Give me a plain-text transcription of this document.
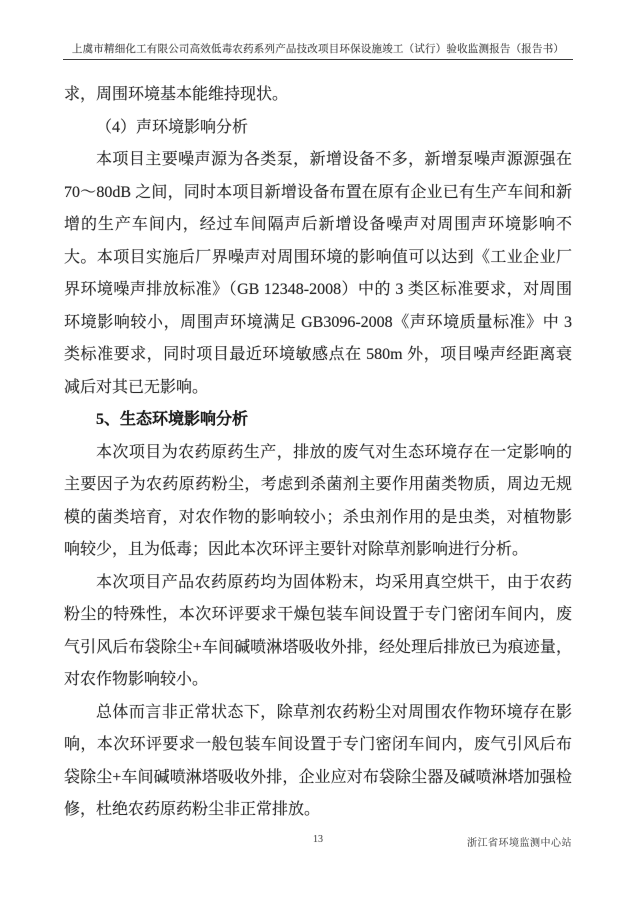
上虞市精细化工有限公司高效低毒农药系列产品技改项目环保设施竣工（试行）验收监测报告（报告书）

求，周围环境基本能维持现状。

（4）声环境影响分析

本项目主要噪声源为各类泵，新增设备不多，新增泵噪声源源强在 70～80dB 之间，同时本项目新增设备布置在原有企业已有生产车间和新增的生产车间内，经过车间隔声后新增设备噪声对周围声环境影响不大。本项目实施后厂界噪声对周围环境的影响值可以达到《工业企业厂界环境噪声排放标准》（GB 12348-2008）中的 3 类区标准要求，对周围环境影响较小，周围声环境满足 GB3096-2008《声环境质量标准》中 3 类标准要求，同时项目最近环境敏感点在 580m 外，项目噪声经距离衰减后对其已无影响。

5、生态环境影响分析

本次项目为农药原药生产，排放的废气对生态环境存在一定影响的主要因子为农药原药粉尘，考虑到杀菌剂主要作用菌类物质，周边无规模的菌类培育，对农作物的影响较小；杀虫剂作用的是虫类，对植物影响较少，且为低毒；因此本次环评主要针对除草剂影响进行分析。

本次项目产品农药原药均为固体粉末，均采用真空烘干，由于农药粉尘的特殊性，本次环评要求干燥包装车间设置于专门密闭车间内，废气引风后布袋除尘+车间碱喷淋塔吸收外排，经处理后排放已为痕迹量，对农作物影响较小。

总体而言非正常状态下，除草剂农药粉尘对周围农作物环境存在影响，本次环评要求一般包装车间设置于专门密闭车间内，废气引风后布袋除尘+车间碱喷淋塔吸收外排，企业应对布袋除尘器及碱喷淋塔加强检修，杜绝农药原药粉尘非正常排放。

13	浙江省环境监测中心站
